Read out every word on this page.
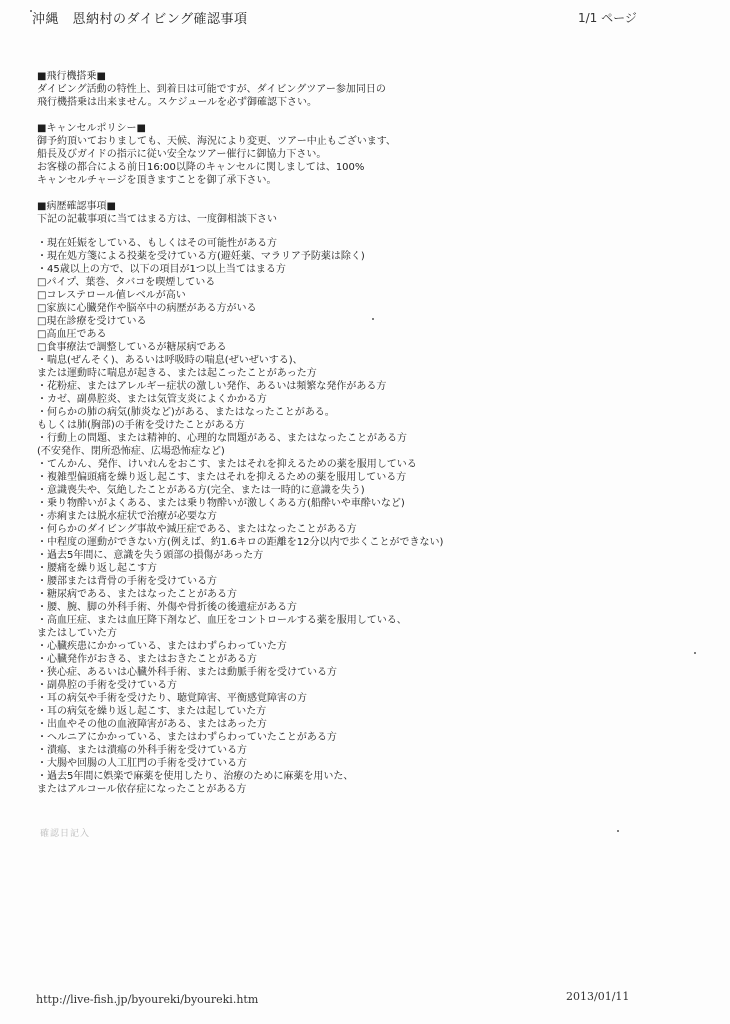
沖縄　恩納村のダイビング確認事項	1/1 ページ
■飛行機搭乗■

ダイビング活動の特性上、到着日は可能ですが、ダイビングツアー参加同日の

飛行機搭乗は出来ません。スケジュールを必ず御確認下さい。

■キャンセルポリシー■

御予約頂いておりましても、天候、海況により変更、ツアー中止もございます、

船長及びガイドの指示に従い安全なツアー催行に御協力下さい。

お客様の都合による前日16:00以降のキャンセルに関しましては、100%

キャンセルチャージを頂きますことを御了承下さい。

■病歴確認事項■

下記の記載事項に当てはまる方は、一度御相談下さい

・現在妊娠をしている、もしくはその可能性がある方
・現在処方箋による投薬を受けている方(避妊薬、マラリア予防薬は除く)
・45歳以上の方で、以下の項目が1つ以上当てはまる方
□パイプ、葉巻、タバコを喫煙している
□コレステロール値レベルが高い
□家族に心臓発作や脳卒中の病歴がある方がいる
□現在診療を受けている
□高血圧である
□食事療法で調整しているが糖尿病である
・喘息(ぜんそく)、あるいは呼吸時の喘息(ぜいぜいする)、
または運動時に喘息が起きる、または起こったことがあった方
・花粉症、またはアレルギー症状の激しい発作、あるいは頻繁な発作がある方
・カゼ、副鼻腔炎、または気管支炎によくかかる方
・何らかの肺の病気(肺炎など)がある、またはなったことがある。
もしくは肺(胸部)の手術を受けたことがある方
・行動上の問題、または精神的、心理的な問題がある、またはなったことがある方
(不安発作、閉所恐怖症、広場恐怖症など)
・てんかん、発作、けいれんをおこす、またはそれを抑えるための薬を服用している
・複雑型偏頭痛を繰り返し起こす、またはそれを抑えるための薬を服用している方
・意識喪失や、気絶したことがある方(完全、または一時的に意識を失う)
・乗り物酔いがよくある、または乗り物酔いが激しくある方(船酔いや車酔いなど)
・赤痢または脱水症状で治療が必要な方
・何らかのダイビング事故や減圧症である、またはなったことがある方
・中程度の運動ができない方(例えば、約1.6キロの距離を12分以内で歩くことができない)
・過去5年間に、意識を失う頭部の損傷があった方
・腰痛を繰り返し起こす方
・腰部または背骨の手術を受けている方
・糖尿病である、またはなったことがある方
・腰、腕、脚の外科手術、外傷や骨折後の後遺症がある方
・高血圧症、または血圧降下剤など、血圧をコントロールする薬を服用している、
またはしていた方
・心臓疾患にかかっている、またはわずらわっていた方
・心臓発作がおきる、またはおきたことがある方
・狭心症、あるいは心臓外科手術、または動脈手術を受けている方
・副鼻腔の手術を受けている方
・耳の病気や手術を受けたり、聴覚障害、平衡感覚障害の方
・耳の病気を繰り返し起こす、または起していた方
・出血やその他の血液障害がある、またはあった方
・ヘルニアにかかっている、またはわずらわっていたことがある方
・潰瘍、または潰瘍の外科手術を受けている方
・大腸や回腸の人工肛門の手術を受けている方
・過去5年間に娯楽で麻薬を使用したり、治療のために麻薬を用いた、
またはアルコール依存症になったことがある方
確認日記入
http://live-fish.jp/byoureki/byoureki.htm	2013/01/11
